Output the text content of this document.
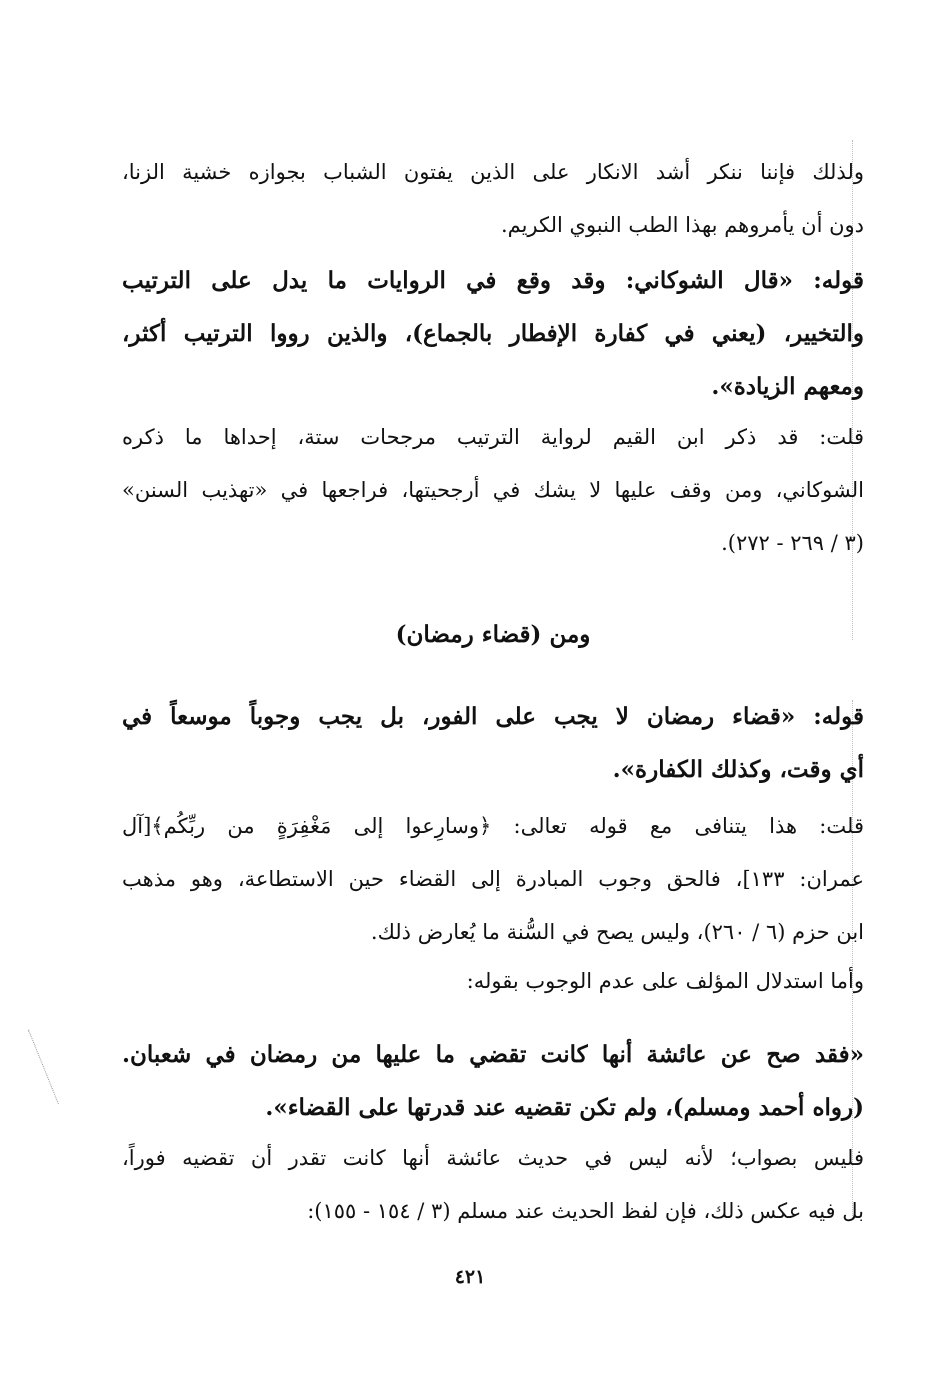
ولذلك فإننا ننكر أشد الانكار على الذين يفتون الشباب بجوازه خشية الزنا،
دون أن يأمروهم بهذا الطب النبوي الكريم.
قوله: «قال الشوكاني: وقد وقع في الروايات ما يدل على الترتيب
والتخيير، (يعني في كفارة الإفطار بالجماع)، والذين رووا الترتيب أكثر،
ومعهم الزيادة».
قلت: قد ذكر ابن القيم لرواية الترتيب مرجحات ستة، إحداها ما ذكره
الشوكاني، ومن وقف عليها لا يشك في أرجحيتها، فراجعها في «تهذيب السنن»
(٣ / ٢٦٩ - ٢٧٢).
ومن (قضاء رمضان)
قوله: «قضاء رمضان لا يجب على الفور، بل يجب وجوباً موسعاً في
أي وقت، وكذلك الكفارة».
قلت: هذا يتنافى مع قوله تعالى: ﴿وسارِعوا إلى مَغْفِرَةٍ من ربِّكُم﴾[آل
عمران: ١٣٣]، فالحق وجوب المبادرة إلى القضاء حين الاستطاعة، وهو مذهب
ابن حزم (٦ / ٢٦٠)، وليس يصح في السُّنة ما يُعارض ذلك.
وأما استدلال المؤلف على عدم الوجوب بقوله:
«فقد صح عن عائشة أنها كانت تقضي ما عليها من رمضان في شعبان.
(رواه أحمد ومسلم)، ولم تكن تقضيه عند قدرتها على القضاء».
فليس بصواب؛ لأنه ليس في حديث عائشة أنها كانت تقدر أن تقضيه فوراً،
بل فيه عكس ذلك، فإن لفظ الحديث عند مسلم (٣ / ١٥٤ - ١٥٥):
٤٢١
